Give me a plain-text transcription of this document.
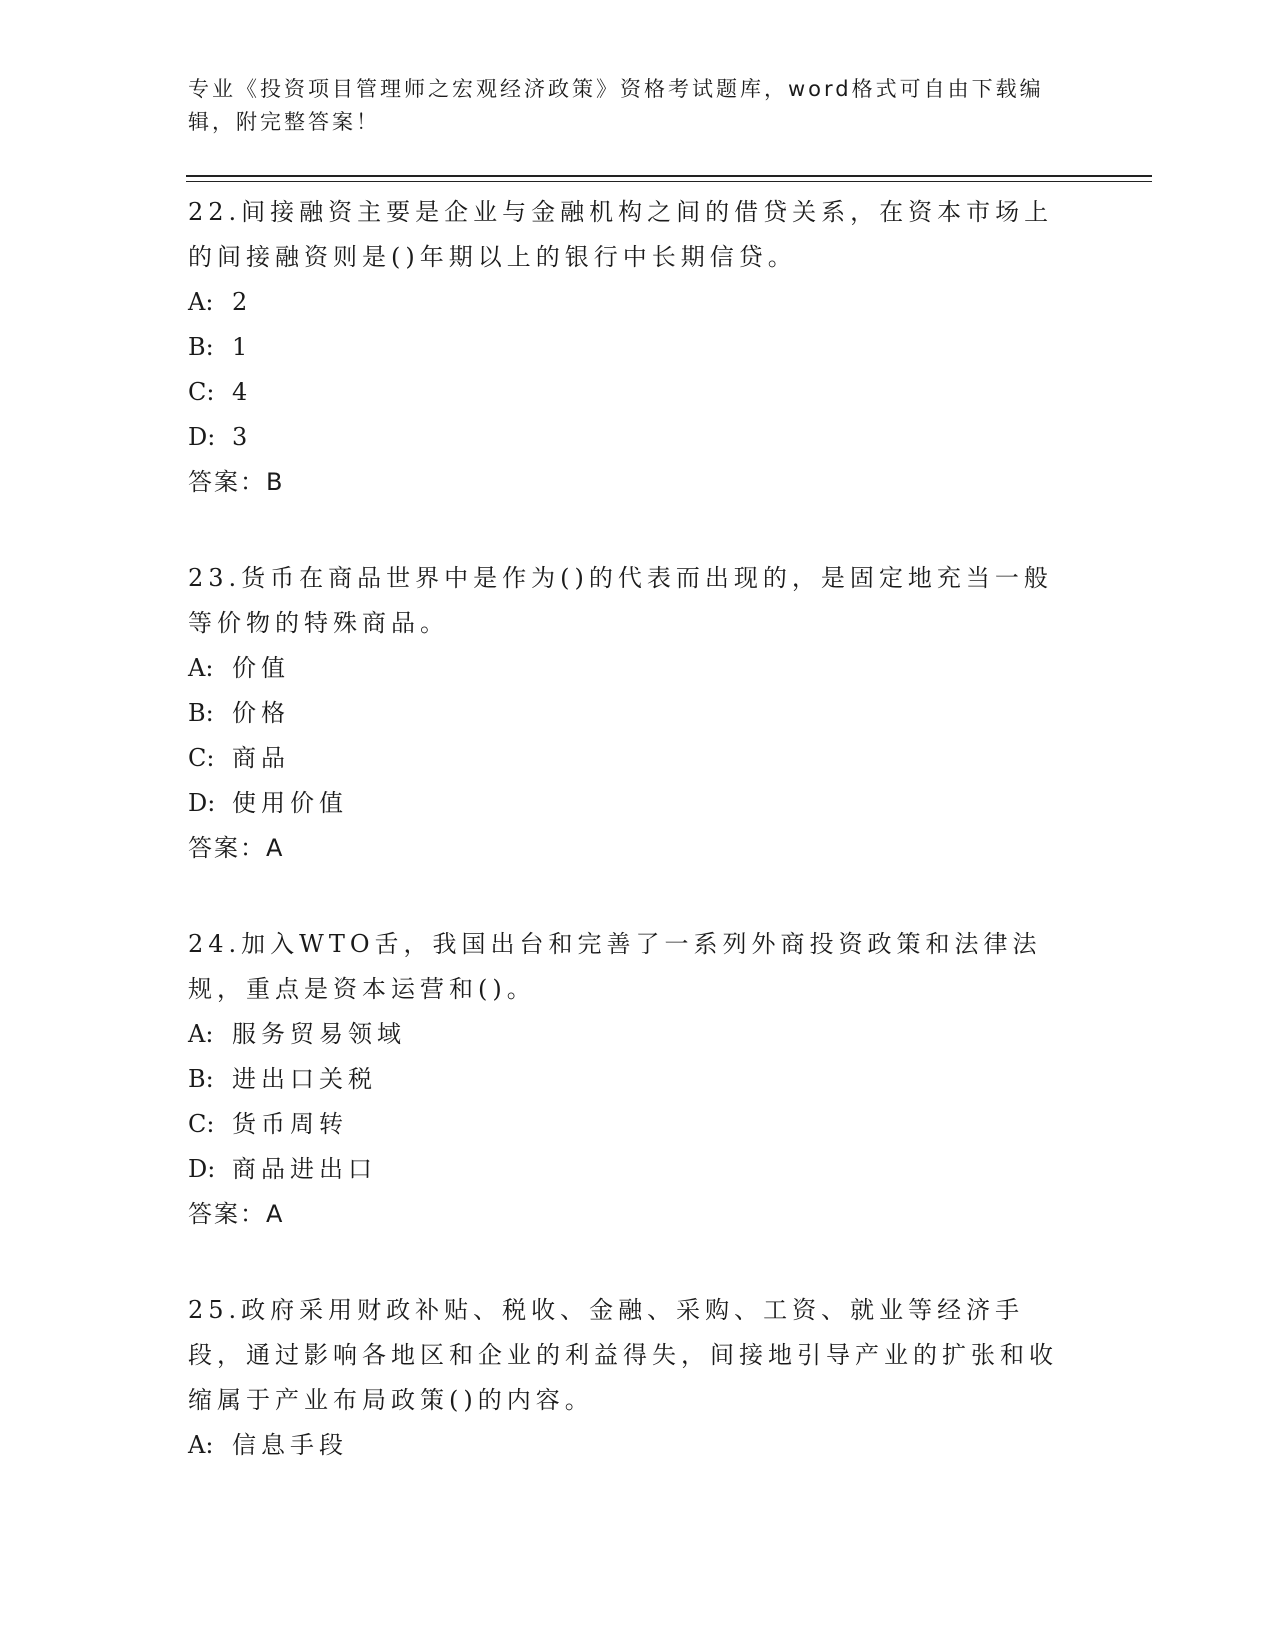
专业《投资项目管理师之宏观经济政策》资格考试题库，word格式可自由下载编辑，附完整答案！

22.间接融资主要是企业与金融机构之间的借贷关系，在资本市场上的间接融资则是()年期以上的银行中长期信贷。

A: 2

B: 1

C: 4

D: 3

答案：B

23.货币在商品世界中是作为()的代表而出现的，是固定地充当一般等价物的特殊商品。

A: 价值

B: 价格

C: 商品

D: 使用价值

答案：A

24.加入WTO舌，我国出台和完善了一系列外商投资政策和法律法规，重点是资本运营和()。

A: 服务贸易领域

B: 进出口关税

C: 货币周转

D: 商品进出口

答案：A

25.政府采用财政补贴、税收、金融、采购、工资、就业等经济手段，通过影响各地区和企业的利益得失，间接地引导产业的扩张和收缩属于产业布局政策()的内容。

A: 信息手段
